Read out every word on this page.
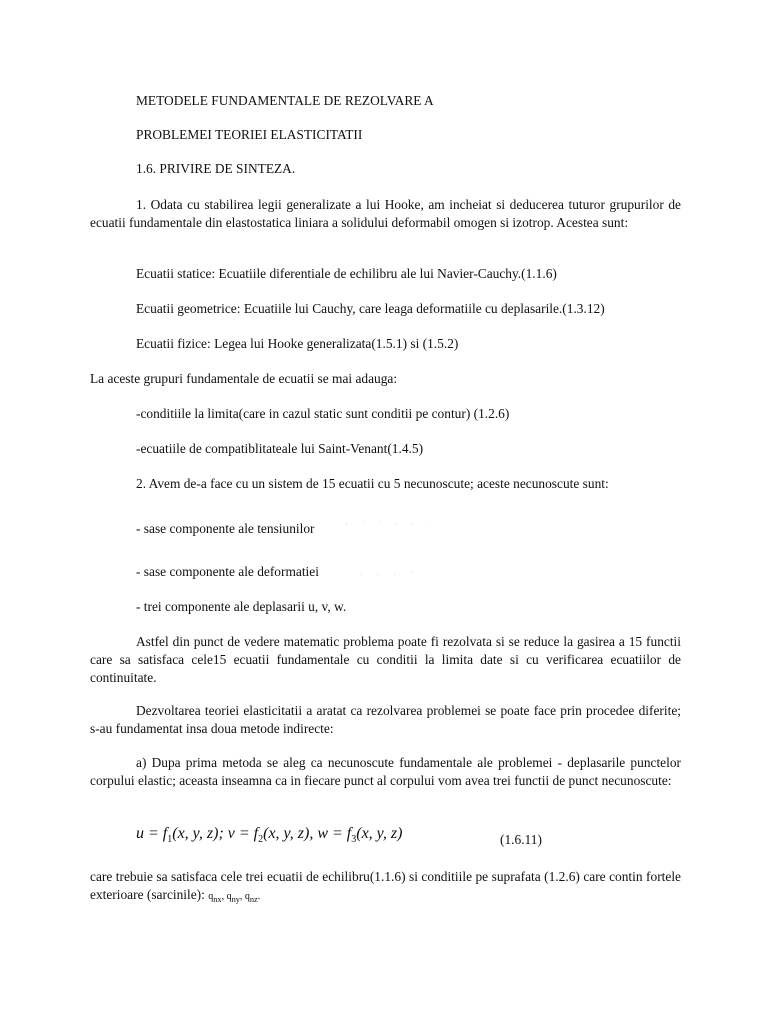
METODELE FUNDAMENTALE DE REZOLVARE A

PROBLEMEI TEORIEI ELASTICITATII

1.6. PRIVIRE DE SINTEZA.

1. Odata cu stabilirea legii generalizate a lui Hooke, am incheiat si deducerea tuturor grupurilor de ecuatii fundamentale din elastostatica liniara a solidului deformabil omogen si izotrop. Acestea sunt:

Ecuatii statice: Ecuatiile diferentiale de echilibru ale lui Navier-Cauchy.(1.1.6)

Ecuatii geometrice: Ecuatiile lui Cauchy, care leaga deformatiile cu deplasarile.(1.3.12)

Ecuatii fizice: Legea lui Hooke generalizata(1.5.1) si (1.5.2)

La aceste grupuri fundamentale de ecuatii se mai adauga:

-conditiile la limita(care in cazul static sunt conditii pe contur) (1.2.6)

-ecuatiile de compatiblitateale lui Saint-Venant(1.4.5)

2. Avem de-a face cu un sistem de 15 ecuatii cu 5 necunoscute; aceste necunoscute sunt:

- sase componente ale tensiunilor	· ˈ ˈ · · ˈ

- sase componente ale deformatiei	· · · ˈ

- trei componente ale deplasarii u, v, w.

Astfel din punct de vedere matematic problema poate fi rezolvata si se reduce la gasirea a 15 functii care sa satisfaca cele15 ecuatii fundamentale cu conditii la limita date si cu verificarea ecuatiilor de continuitate.

Dezvoltarea teoriei elasticitatii a aratat ca rezolvarea problemei se poate face prin procedee diferite; s-au fundamentat insa doua metode indirecte:

a) Dupa prima metoda se aleg ca necunoscute fundamentale ale problemei - deplasarile punctelor corpului elastic; aceasta inseamna ca in fiecare punct al corpului vom avea trei functii de punct necunoscute:

$u = f_1(x$, y, z); $v = f_2(x$, y, z), $w = f_3(x$, y, z)	(1.6.11)

care trebuie sa satisfaca cele trei ecuatii de echilibru(1.1.6) si conditiile pe suprafata (1.2.6) care contin fortele exterioare (sarcinile): $q_{nx}$, $q_{ny}$, $q_{nz}$.
